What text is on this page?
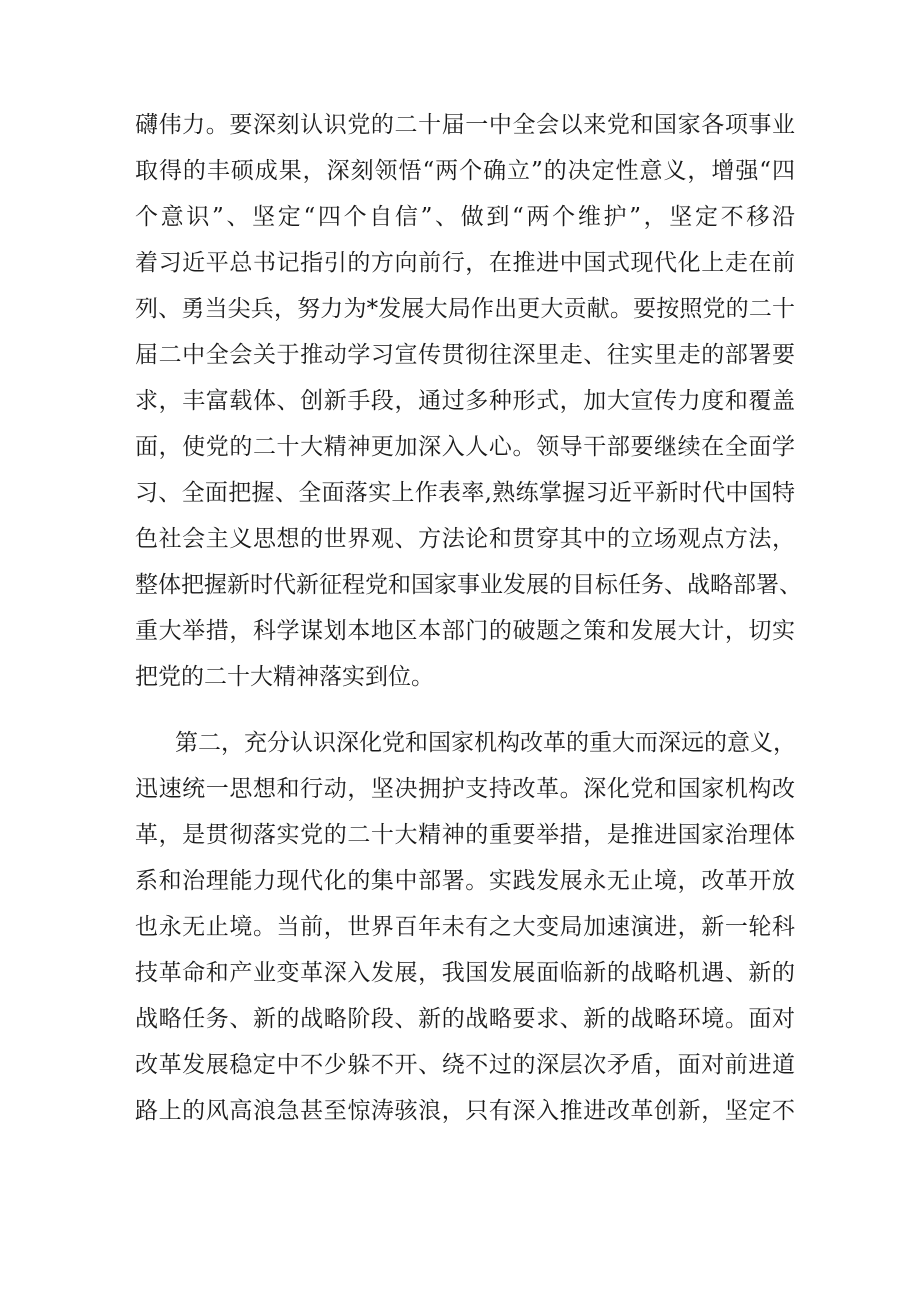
礴伟力。要深刻认识党的二十届一中全会以来党和国家各项事业

取得的丰硕成果，深刻领悟“两个确立”的决定性意义，增强“四

个意识”、坚定“四个自信”、做到“两个维护”，坚定不移沿

着习近平总书记指引的方向前行，在推进中国式现代化上走在前

列、勇当尖兵，努力为*发展大局作出更大贡献。要按照党的二十

届二中全会关于推动学习宣传贯彻往深里走、往实里走的部署要

求，丰富载体、创新手段，通过多种形式，加大宣传力度和覆盖

面，使党的二十大精神更加深入人心。领导干部要继续在全面学

习、全面把握、全面落实上作表率,熟练掌握习近平新时代中国特

色社会主义思想的世界观、方法论和贯穿其中的立场观点方法，

整体把握新时代新征程党和国家事业发展的目标任务、战略部署、

重大举措，科学谋划本地区本部门的破题之策和发展大计，切实

把党的二十大精神落实到位。

第二，充分认识深化党和国家机构改革的重大而深远的意义，

迅速统一思想和行动，坚决拥护支持改革。深化党和国家机构改

革，是贯彻落实党的二十大精神的重要举措，是推进国家治理体

系和治理能力现代化的集中部署。实践发展永无止境，改革开放

也永无止境。当前，世界百年未有之大变局加速演进，新一轮科

技革命和产业变革深入发展，我国发展面临新的战略机遇、新的

战略任务、新的战略阶段、新的战略要求、新的战略环境。面对

改革发展稳定中不少躲不开、绕不过的深层次矛盾，面对前进道

路上的风高浪急甚至惊涛骇浪，只有深入推进改革创新，坚定不
